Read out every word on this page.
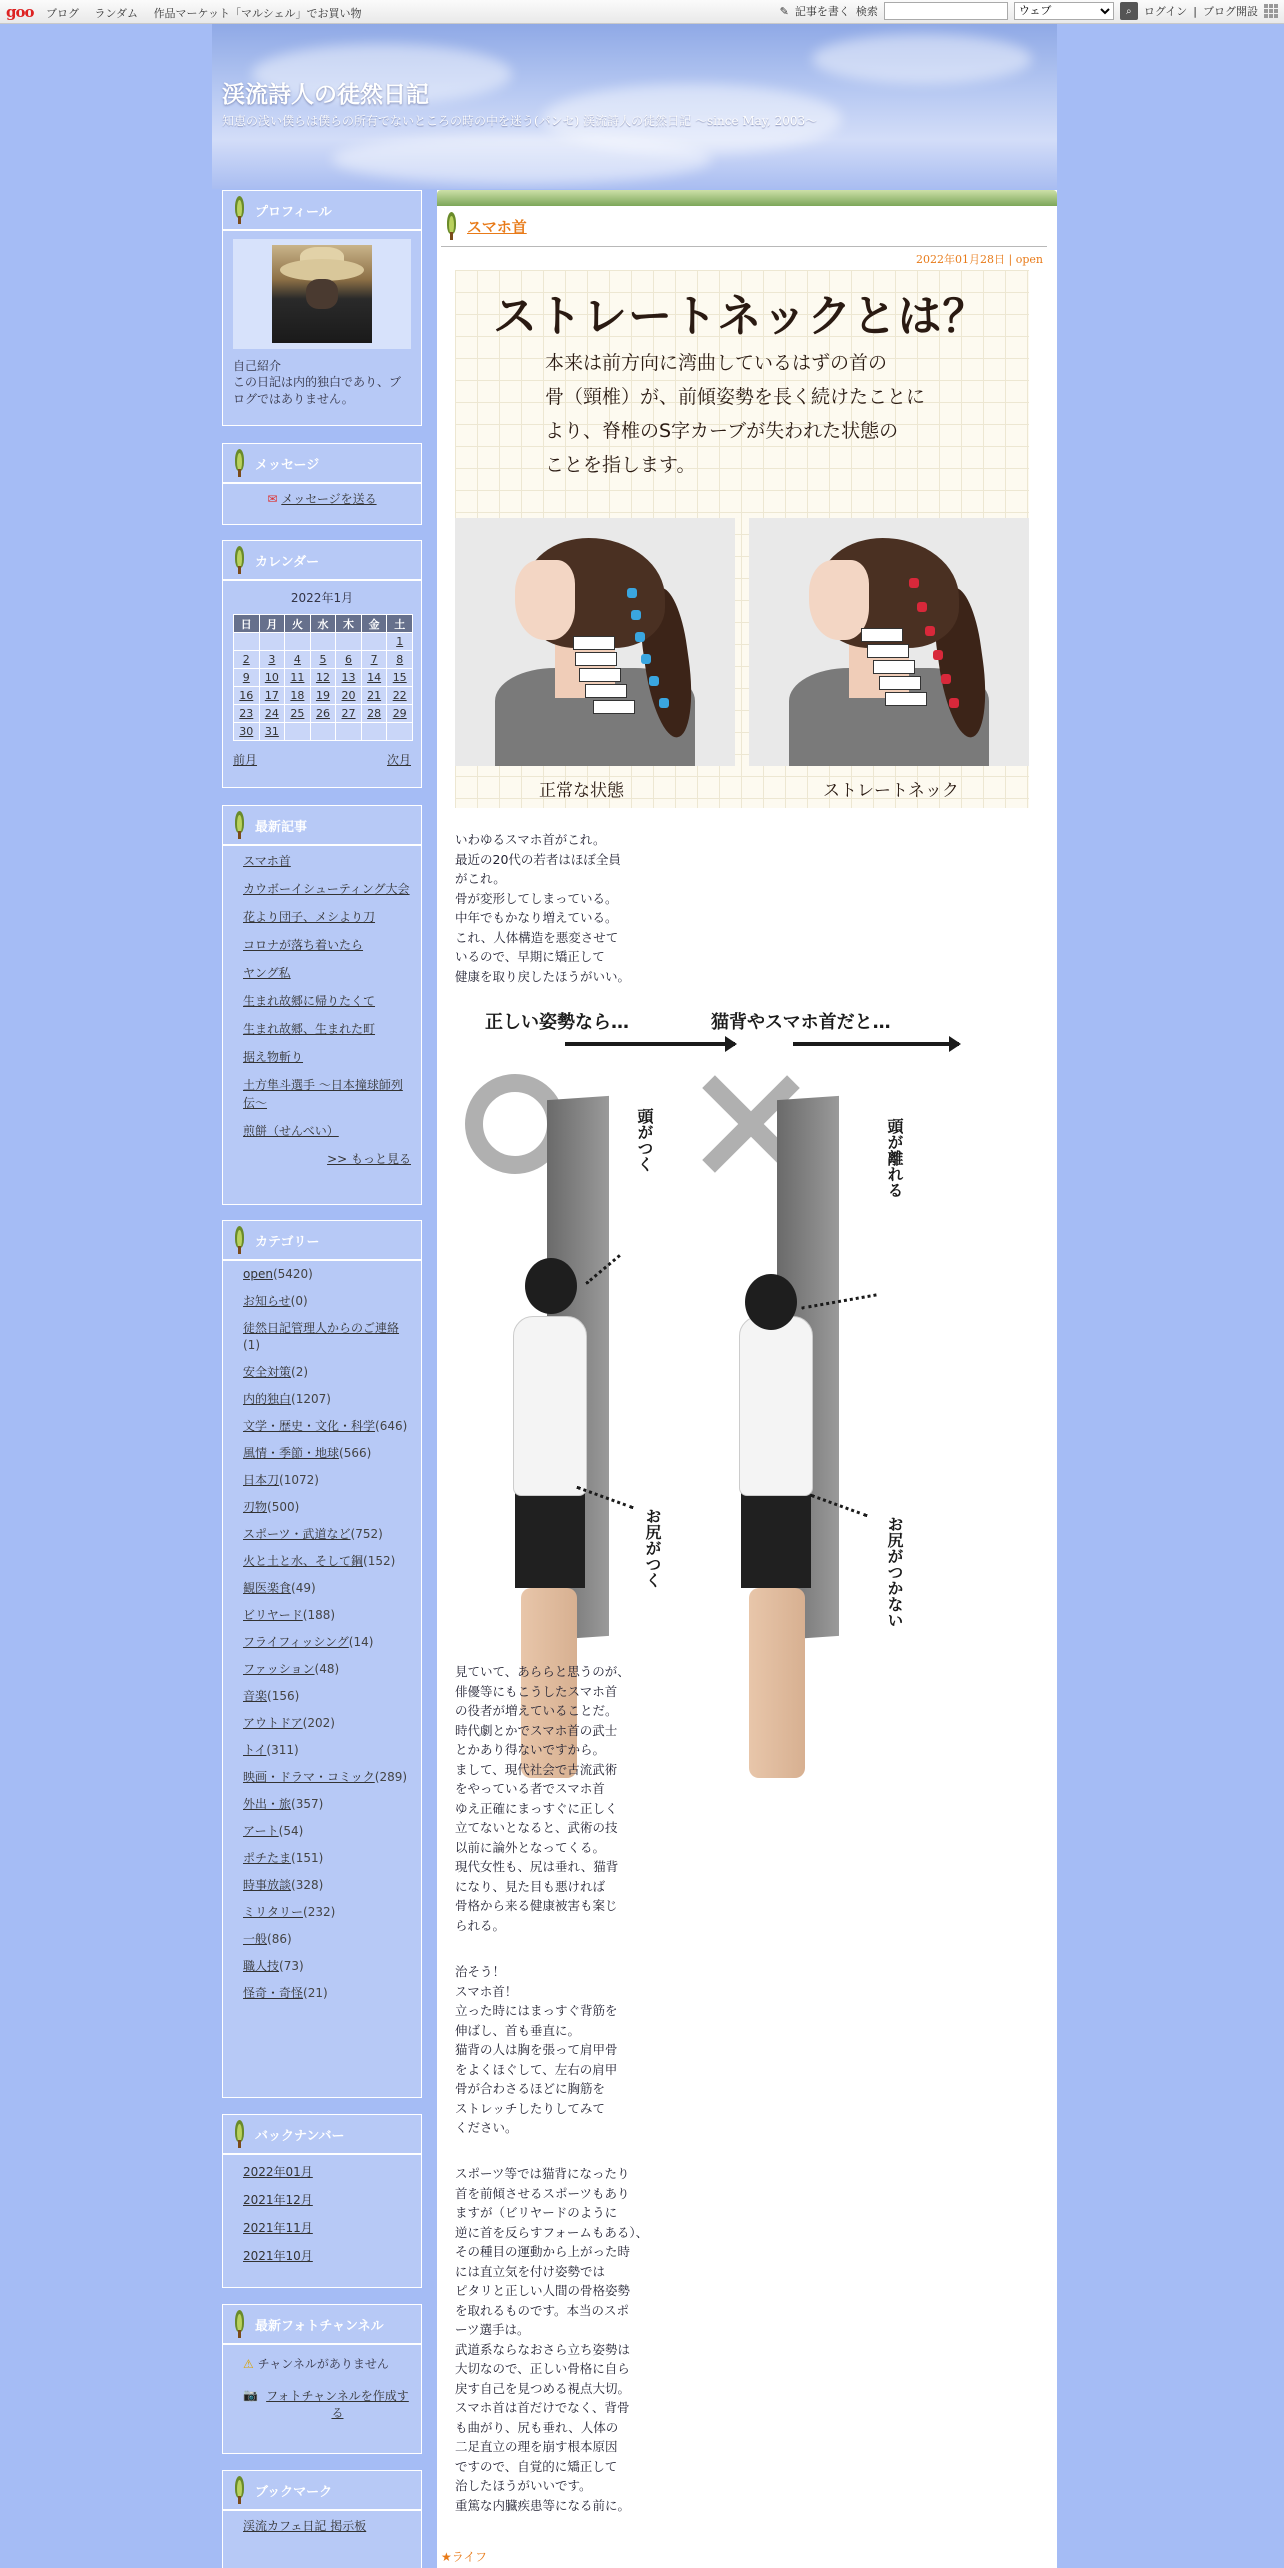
goo ブログ ランダム 作品マーケット「マルシェル」でお買い物	✎ 記事を書く 検索
ウェブ	⌕ ログイン | ブログ開設
渓流詩人の徒然日記
知恵の浅い僕らは僕らの所有でないところの時の中を迷う(パンセ) 渓流詩人の徒然日記 ～since May, 2003～
プロフィール
自己紹介
この日記は内的独白であり、ブログではありません。
メッセージ
✉ メッセージを送る
カレンダー
2022年1月
日	月	火	水	木	金	土
						1
2	3	4	5	6	7	8
9	10	11	12	13	14	15
16	17	18	19	20	21	22
23	24	25	26	27	28	29
30	31					
前月	次月
最新記事
スマホ首
カウボーイシューティング大会
花より団子、メシより刀
コロナが落ち着いたら
ヤング私
生まれ故郷に帰りたくて
生まれ故郷、生まれた町
据え物斬り
土方隼斗選手 〜日本撞球師列伝〜
煎餅（せんべい）
>> もっと見る
カテゴリー
open(5420)
お知らせ(0)
徒然日記管理人からのご連絡(1)
安全対策(2)
内的独白(1207)
文学・歴史・文化・科学(646)
風情・季節・地球(566)
日本刀(1072)
刃物(500)
スポーツ・武道など(752)
火と土と水、そして鋼(152)
観医楽食(49)
ビリヤード(188)
フライフィッシング(14)
ファッション(48)
音楽(156)
アウトドア(202)
トイ(311)
映画・ドラマ・コミック(289)
外出・旅(357)
アート(54)
ポチたま(151)
時事放談(328)
ミリタリー(232)
一般(86)
職人技(73)
怪奇・奇怪(21)
バックナンバー
2022年01月
2021年12月
2021年11月
2021年10月
最新フォトチャンネル
⚠ チャンネルがありません
📷 フォトチャンネルを作成する
ブックマーク
渓流カフェ日記 掲示板
スマホ首
2022年01月28日 | open
ストレートネックとは？
本来は前方向に湾曲しているはずの首の
骨（頸椎）が、前傾姿勢を長く続けたことに
より、脊椎のS字カーブが失われた状態の
ことを指します。
正常な状態	ストレートネック
いわゆるスマホ首がこれ。
最近の20代の若者はほぼ全員
がこれ。
骨が変形してしまっている。
中年でもかなり増えている。
これ、人体構造を悪変させて
いるので、早期に矯正して
健康を取り戻したほうがいい。
正しい姿勢なら…	猫背やスマホ首だと…
頭がつく
お尻がつく
頭が離れる
お尻がつかない
見ていて、あららと思うのが、
俳優等にもこうしたスマホ首
の役者が増えていることだ。
時代劇とかでスマホ首の武士
とかあり得ないですから。
まして、現代社会で古流武術
をやっている者でスマホ首
ゆえ正確にまっすぐに正しく
立てないとなると、武術の技
以前に論外となってくる。
現代女性も、尻は垂れ、猫背
になり、見た目も悪ければ
骨格から来る健康被害も案じ
られる。
治そう！
スマホ首！
立った時にはまっすぐ背筋を
伸ばし、首も垂直に。
猫背の人は胸を張って肩甲骨
をよくほぐして、左右の肩甲
骨が合わさるほどに胸筋を
ストレッチしたりしてみて
ください。
スポーツ等では猫背になったり
首を前傾させるスポーツもあり
ますが（ビリヤードのように
逆に首を反らすフォームもある）、
その種目の運動から上がった時
には直立気を付け姿勢では
ピタリと正しい人間の骨格姿勢
を取れるものです。本当のスポ
ーツ選手は。
武道系ならなおさら立ち姿勢は
大切なので、正しい骨格に自ら
戻す自己を見つめる視点大切。
スマホ首は首だけでなく、背骨
も曲がり、尻も垂れ、人体の
二足直立の理を崩す根本原因
ですので、自覚的に矯正して
治したほうがいいです。
重篤な内臓疾患等になる前に。
★ライフ
